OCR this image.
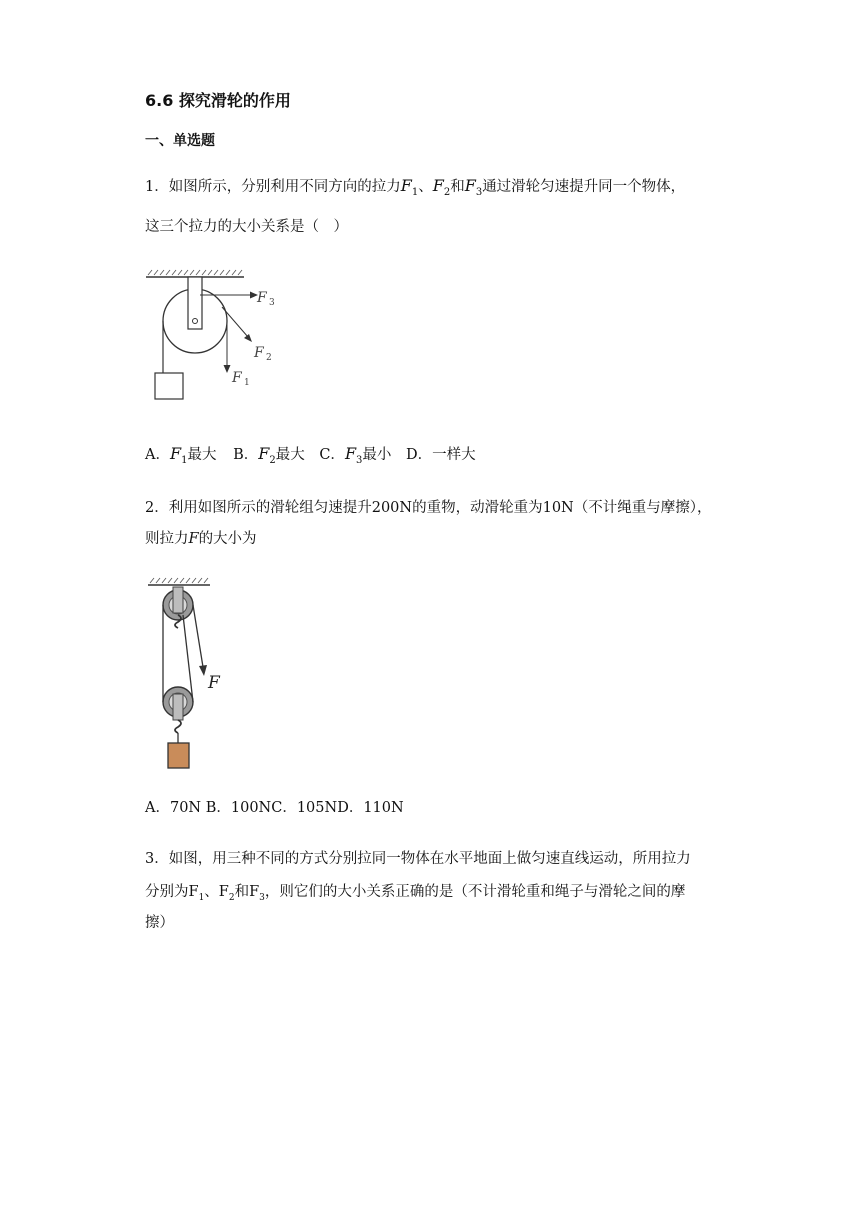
6.6 探究滑轮的作用
一、单选题
1．如图所示，分别利用不同方向的拉力$F_1$、$F_2$和$F_3$通过滑轮匀速提升同一个物体，
这三个拉力的大小关系是（　）
F 3
F 2
F 1
A．$F_1$最大 B．$F_2$最大 C．$F_3$最小 D．一样大
2．利用如图所示的滑轮组匀速提升200N的重物，动滑轮重为10N（不计绳重与摩擦），
则拉力F的大小为
F
A．70N B．100NC．105ND．110N
3．如图，用三种不同的方式分别拉同一物体在水平地面上做匀速直线运动，所用拉力
分别为$F_1$、$F_2$和$F_3$，则它们的大小关系正确的是（不计滑轮重和绳子与滑轮之间的摩
擦）
